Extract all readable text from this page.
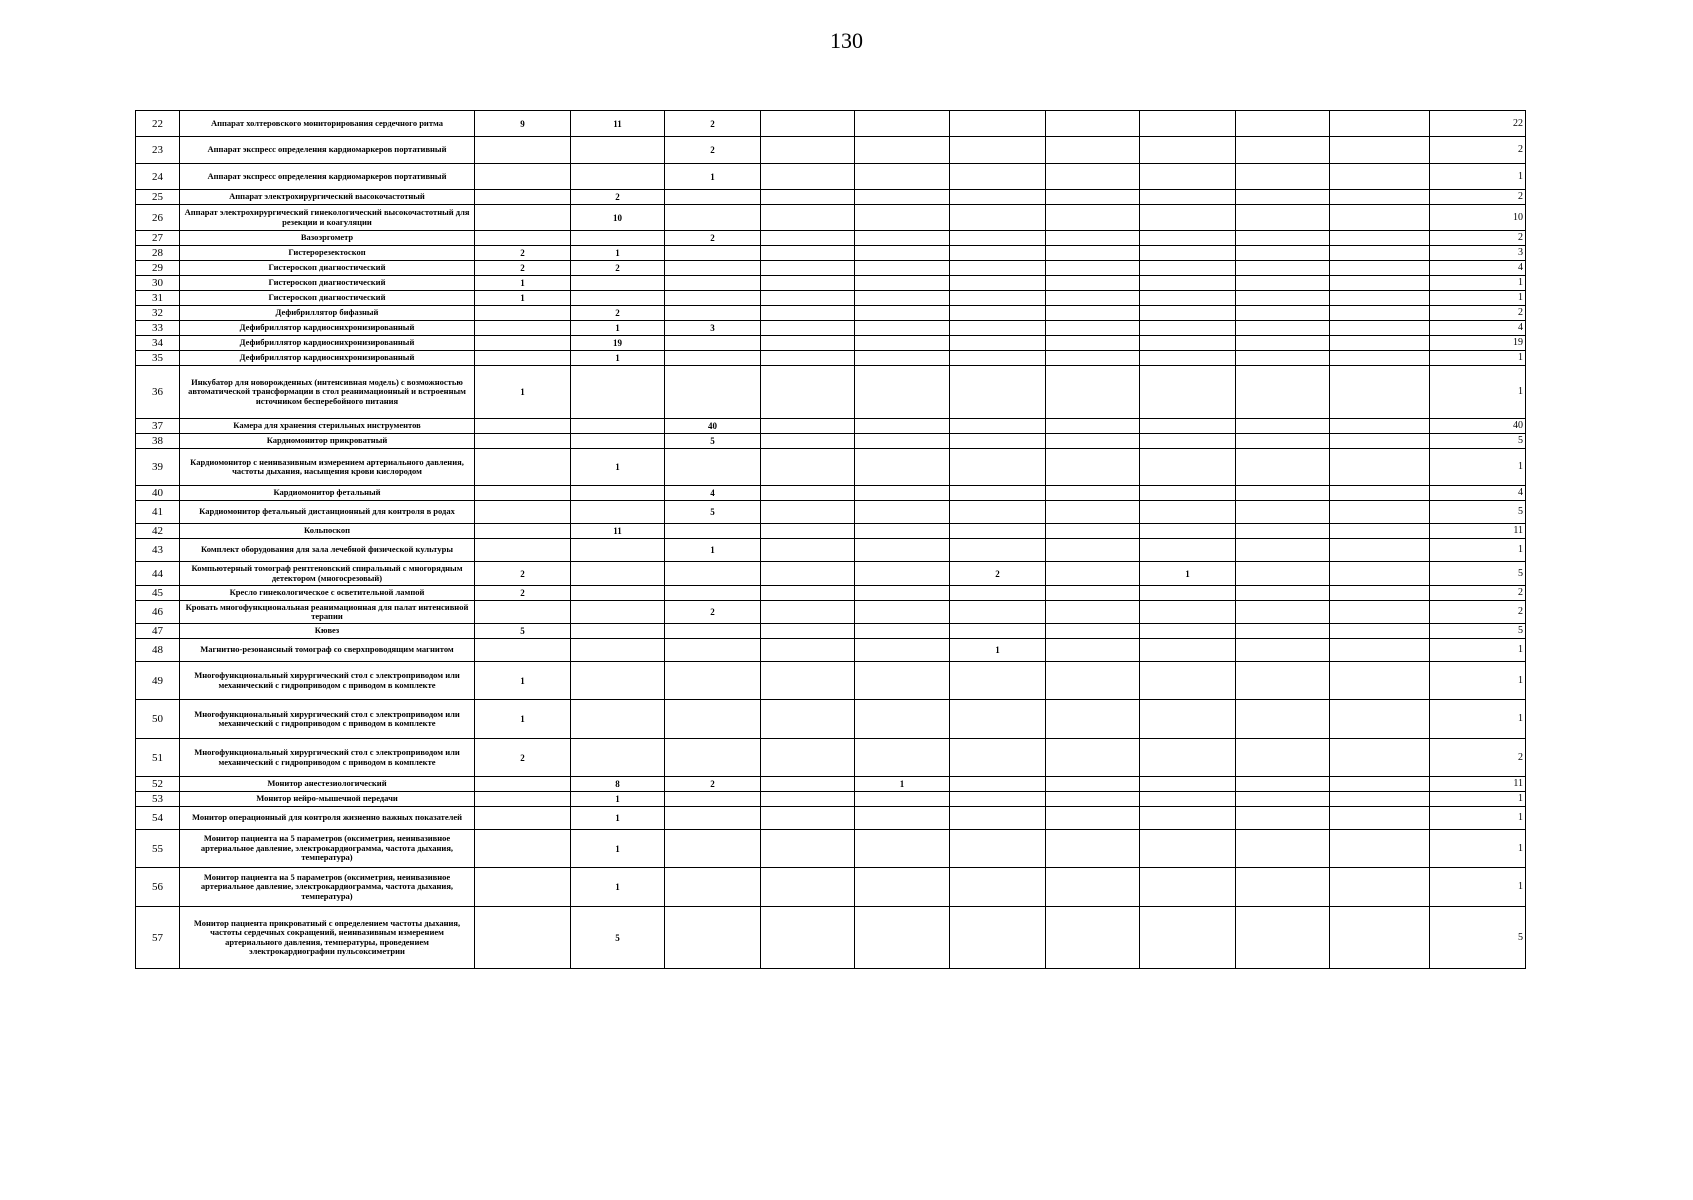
130
22	Аппарат холтеровского мониторирования сердечного ритма	9	11	2								22
23	Аппарат экспресс определения кардиомаркеров портативный			2								2
24	Аппарат экспресс определения кардиомаркеров портативный			1								1
25	Аппарат электрохирургический высокочастотный		2									2
26	Аппарат электрохирургический гинекологический высокочастотный для резекции и коагуляции		10									10
27	Вазоэргометр			2								2
28	Гистерорезектоскоп	2	1									3
29	Гистероскоп диагностический	2	2									4
30	Гистероскоп диагностический	1										1
31	Гистероскоп диагностический	1										1
32	Дефибриллятор бифазный		2									2
33	Дефибриллятор кардиосинхронизированный		1	3								4
34	Дефибриллятор кардиосинхронизированный		19									19
35	Дефибриллятор кардиосинхронизированный		1									1
36	Инкубатор для новорожденных (интенсивная модель) с возможностью автоматической трансформации в стол реанимационный и встроенным источником бесперебойного питания	1										1
37	Камера для хранения стерильных инструментов			40								40
38	Кардиомонитор прикроватный			5								5
39	Кардиомонитор с неинвазивным измерением артериального давления, частоты дыхания, насыщения крови кислородом		1									1
40	Кардиомонитор фетальный			4								4
41	Кардиомонитор фетальный дистанционный для контроля в родах			5								5
42	Кольпоскоп		11									11
43	Комплект оборудования для зала лечебной физической культуры			1								1
44	Компьютерный томограф рентгеновский спиральный с многорядным детектором (многосрезовый)	2					2		1			5
45	Кресло гинекологическое с осветительной лампой	2										2
46	Кровать многофункциональная реанимационная для палат интенсивной терапии			2								2
47	Кювез	5										5
48	Магнитно-резонансный томограф со сверхпроводящим магнитом						1					1
49	Многофункциональный хирургический стол с электроприводом или механический с гидроприводом с приводом в комплекте	1										1
50	Многофункциональный хирургический стол с электроприводом или механический с гидроприводом с приводом в комплекте	1										1
51	Многофункциональный хирургический стол с электроприводом или механический с гидроприводом с приводом в комплекте	2										2
52	Монитор анестезиологический		8	2		1						11
53	Монитор нейро-мышечной передачи		1									1
54	Монитор операционный для контроля жизненно важных показателей		1									1
55	Монитор пациента на 5 параметров (оксиметрия, неинвазивное артериальное давление, электрокардиограмма, частота дыхания, температура)		1									1
56	Монитор пациента на 5 параметров (оксиметрия, неинвазивное артериальное давление, электрокардиограмма, частота дыхания, температура)		1									1
57	Монитор пациента прикроватный с определением частоты дыхания, частоты сердечных сокращений, неинвазивным измерением артериального давления, температуры, проведением электрокардиографии пульсоксиметрии		5									5
